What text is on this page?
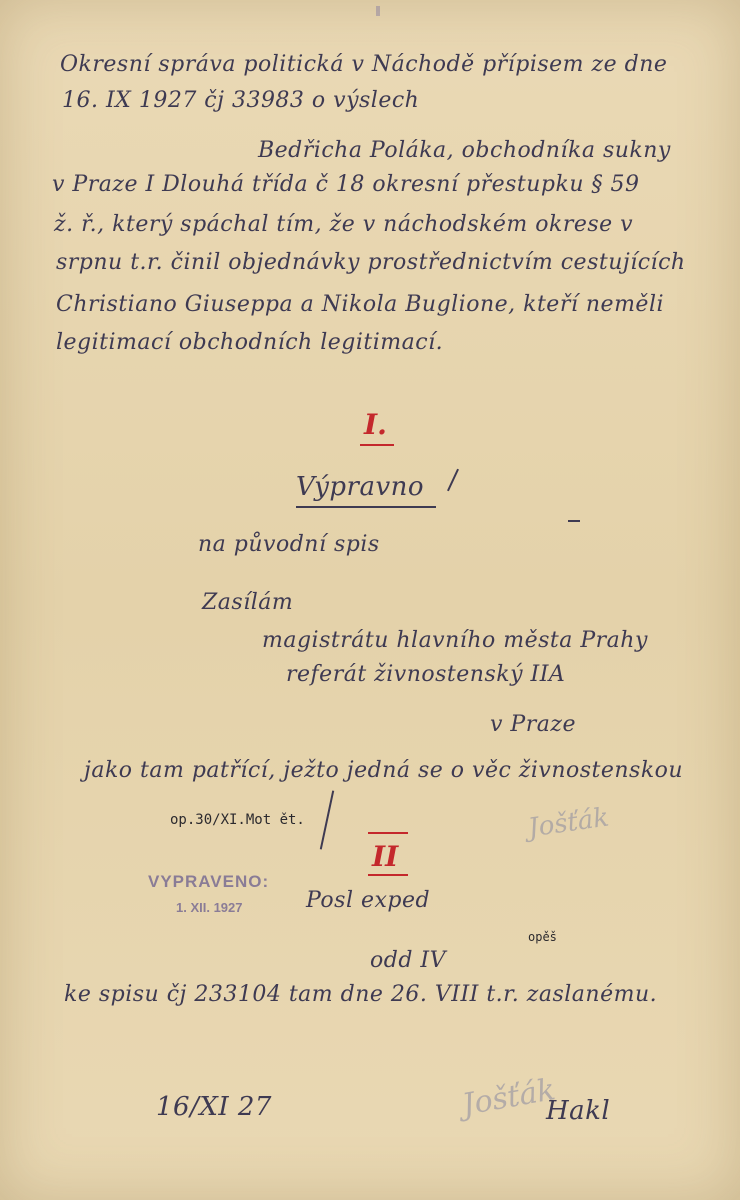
Okresní správa politická v Náchodě přípisem ze dne
16. IX 1927 čj 33983 o výslech
Bedřicha Poláka, obchodníka sukny
v Praze I Dlouhá třída č 18 okresní přestupku § 59
ž. ř., který spáchal tím, že v náchodském okrese v
srpnu t.r. činil objednávky prostřednictvím cestujících
Christiano Giuseppa a Nikola Buglione, kteří neměli
legitimací obchodních legitimací.
I.
Výpravno
na původní spis
Zasílám
magistrátu hlavního města Prahy
referát živnostenský IIA
v Praze
jako tam patřící, ježto jedná se o věc živnostenskou
op.30/XI.Mot ět.	Jošťák
VYPRAVENO:
1. XII. 1927
II
Posl exped
opěš
odd IV
ke spisu čj 233104 tam dne 26. VIII t.r. zaslanému.
16/XI 27	Jošťák
Hakl
